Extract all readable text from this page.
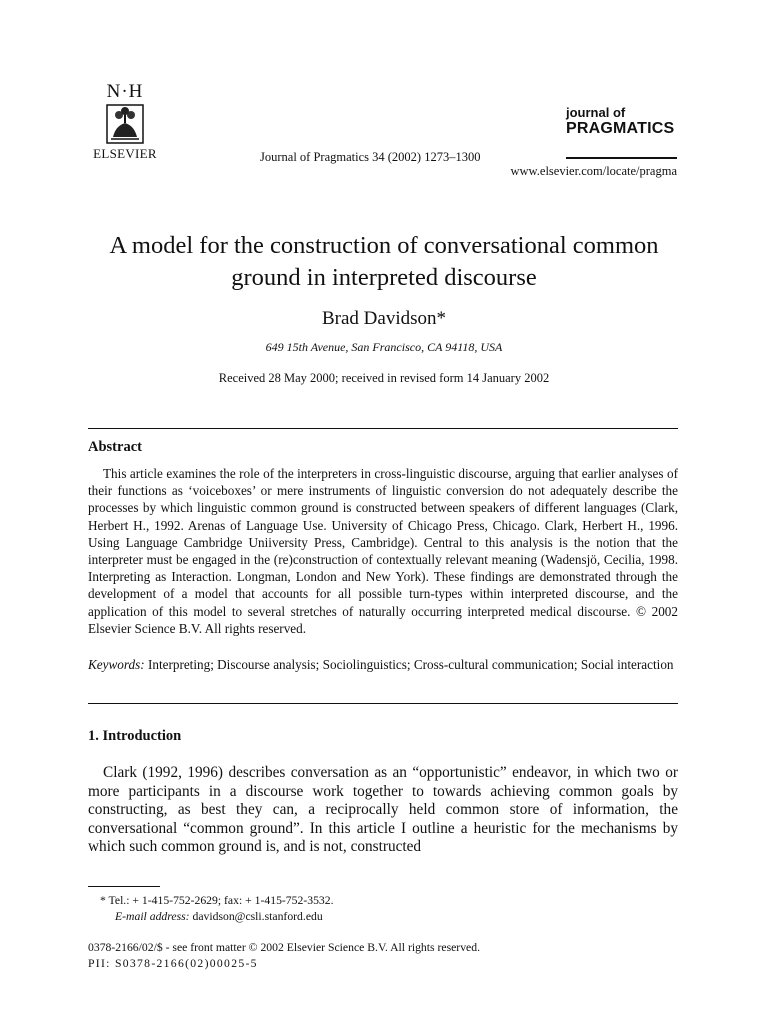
N·H
ELSEVIER	Journal of Pragmatics 34 (2002) 1273–1300
journal of
PRAGMATICS
www.elsevier.com/locate/pragma
A model for the construction of conversational common ground in interpreted discourse
Brad Davidson*
649 15th Avenue, San Francisco, CA 94118, USA
Received 28 May 2000; received in revised form 14 January 2002
Abstract

This article examines the role of the interpreters in cross-linguistic discourse, arguing that earlier analyses of their functions as ‘voiceboxes’ or mere instruments of linguistic conversion do not adequately describe the processes by which linguistic common ground is constructed between speakers of different languages (Clark, Herbert H., 1992. Arenas of Language Use. University of Chicago Press, Chicago. Clark, Herbert H., 1996. Using Language Cambridge Uniiversity Press, Cambridge). Central to this analysis is the notion that the interpreter must be engaged in the (re)construction of contextually relevant meaning (Wadensjö, Cecilia, 1998. Interpreting as Interaction. Longman, London and New York). These findings are demonstrated through the development of a model that accounts for all possible turn-types within interpreted discourse, and the application of this model to several stretches of naturally occurring interpreted medical discourse. © 2002 Elsevier Science B.V. All rights reserved.

Keywords: Interpreting; Discourse analysis; Sociolinguistics; Cross-cultural communication; Social interaction

1. Introduction

Clark (1992, 1996) describes conversation as an “opportunistic” endeavor, in which two or more participants in a discourse work together to towards achieving common goals by constructing, as best they can, a reciprocally held common store of information, the conversational “common ground”. In this article I outline a heuristic for the mechanisms by which such common ground is, and is not, constructed

* Tel.: + 1-415-752-2629; fax: + 1-415-752-3532.
E-mail address: davidson@csli.stanford.edu
0378-2166/02/$ - see front matter © 2002 Elsevier Science B.V. All rights reserved.
PII: S0378-2166(02)00025-5
